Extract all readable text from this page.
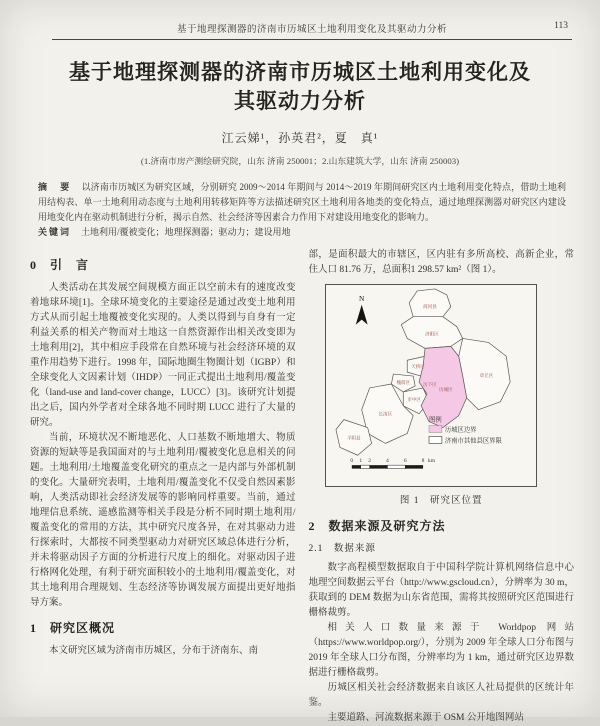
基于地理探测器的济南市历城区土地利用变化及其驱动力分析	113
基于地理探测器的济南市历城区土地利用变化及
其驱动力分析
江云娣¹，孙英君²，夏　真¹
(1.济南市房产测绘研究院，山东 济南 250001；2.山东建筑大学，山东 济南 250003)

摘　要 以济南市历城区为研究区域，分别研究 2009～2014 年期间与 2014～2019 年期间研究区内土地利用变化特点，借助土地利用结构表、单一土地利用动态度与土地利用转移矩阵等方法描述研究区土地利用各地类的变化特点，通过地理探测器对研究区内建设用地变化内在驱动机制进行分析，揭示自然、社会经济等因素合力作用下对建设用地变化的影响力。

关键词 土地利用/覆被变化；地理探测器；驱动力；建设用地

0　引　言

人类活动在其发展空间规模方面正以空前未有的速度改变着地球环境[1]。全球环境变化的主要途径是通过改变土地利用方式从而引起土地覆被变化实现的。人类以得到与自身有一定利益关系的相关产物而对土地这一自然资源作出相关改变即为土地利用[2]，其中相应手段常在自然环境与社会经济环境的双重作用趋势下进行。1998 年，国际地圈生物圈计划（IGBP）和全球变化人文因素计划（IHDP）一同正式提出土地利用/覆盖变化（land-use and land-cover change，LUCC）[3]。该研究计划提出之后，国内外学者对全球各地不同时期 LUCC 进行了大量的研究。

当前，环境状况不断地恶化、人口基数不断地增大、物质资源的短缺等是我国面对的与土地利用/覆被变化息息相关的问题。土地利用/土地覆盖变化研究的重点之一是内部与外部机制的变化。大量研究表明，土地利用/覆盖变化不仅受自然因素影响，人类活动即社会经济发展等的影响同样重要。当前，通过地理信息系统、遥感监测等相关手段是分析不同时期土地利用/覆盖变化的常用的方法，其中研究尺度各异，在对其驱动力进行探索时，大都按不同类型驱动力对研究区域总体进行分析，并未将驱动因子方面的分析进行尺度上的细化。对驱动因子进行格网化处理，有利于研究面积较小的土地利用/覆盖变化，对其土地利用合理规划、生态经济等协调发展方面提出更好地指导方案。

1　研究区概况

本文研究区域为济南市历城区，分布于济南东、南

部，是面积最大的市辖区，区内驻有多所高校、高新企业，常住人口 81.76 万，总面积1 298.57 km²（图 1）。

N
商河县
济阳区
章丘区
历城区
天桥区
槐荫区
市中区
历下区
长清区
平阴县
图例
历城区边界
济南市其他县区界限
0 1 2	4	6	8 km
图 1　研究区位置
2　数据来源及研究方法
2.1　数据来源

数字高程模型数据取自于中国科学院计算机网络信息中心地理空间数据云平台（http://www.gscloud.cn），分辨率为 30 m，获取到的 DEM 数据为山东省范围，需将其按照研究区范围进行栅格裁剪。

相关人口数量来源于 Worldpop 网站（https://www.worldpop.org/），分别为 2009 年全球人口分布图与 2019 年全球人口分布图，分辨率均为 1 km，通过研究区边界数据进行栅格裁剪。

历城区相关社会经济数据来自该区人社局提供的区统计年鉴。

主要道路、河流数据来源于 OSM 公开地图网站
